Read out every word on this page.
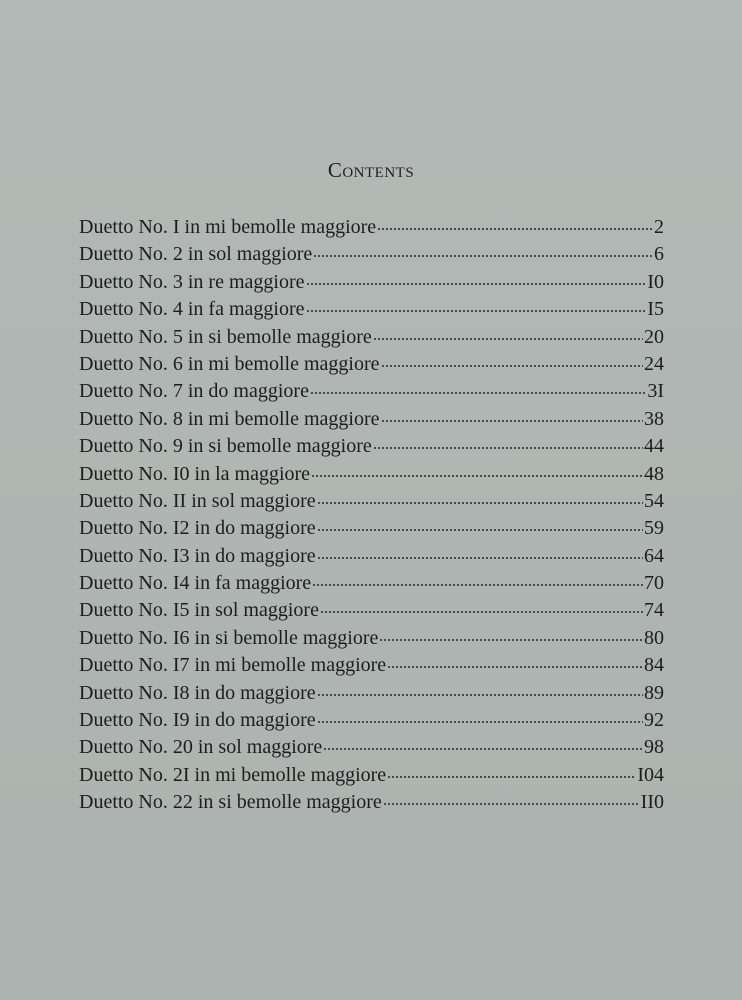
Contents
Duetto No. I in mi bemolle maggiore	2
Duetto No. 2 in sol maggiore	6
Duetto No. 3 in re maggiore	I0
Duetto No. 4 in fa maggiore	I5
Duetto No. 5 in si bemolle maggiore	20
Duetto No. 6 in mi bemolle maggiore	24
Duetto No. 7 in do maggiore	3I
Duetto No. 8 in mi bemolle maggiore	38
Duetto No. 9 in si bemolle maggiore	44
Duetto No. I0 in la maggiore	48
Duetto No. II in sol maggiore	54
Duetto No. I2 in do maggiore	59
Duetto No. I3 in do maggiore	64
Duetto No. I4 in fa maggiore	70
Duetto No. I5 in sol maggiore	74
Duetto No. I6 in si bemolle maggiore	80
Duetto No. I7 in mi bemolle maggiore	84
Duetto No. I8 in do maggiore	89
Duetto No. I9 in do maggiore	92
Duetto No. 20 in sol maggiore	98
Duetto No. 2I in mi bemolle maggiore	I04
Duetto No. 22 in si bemolle maggiore	II0
